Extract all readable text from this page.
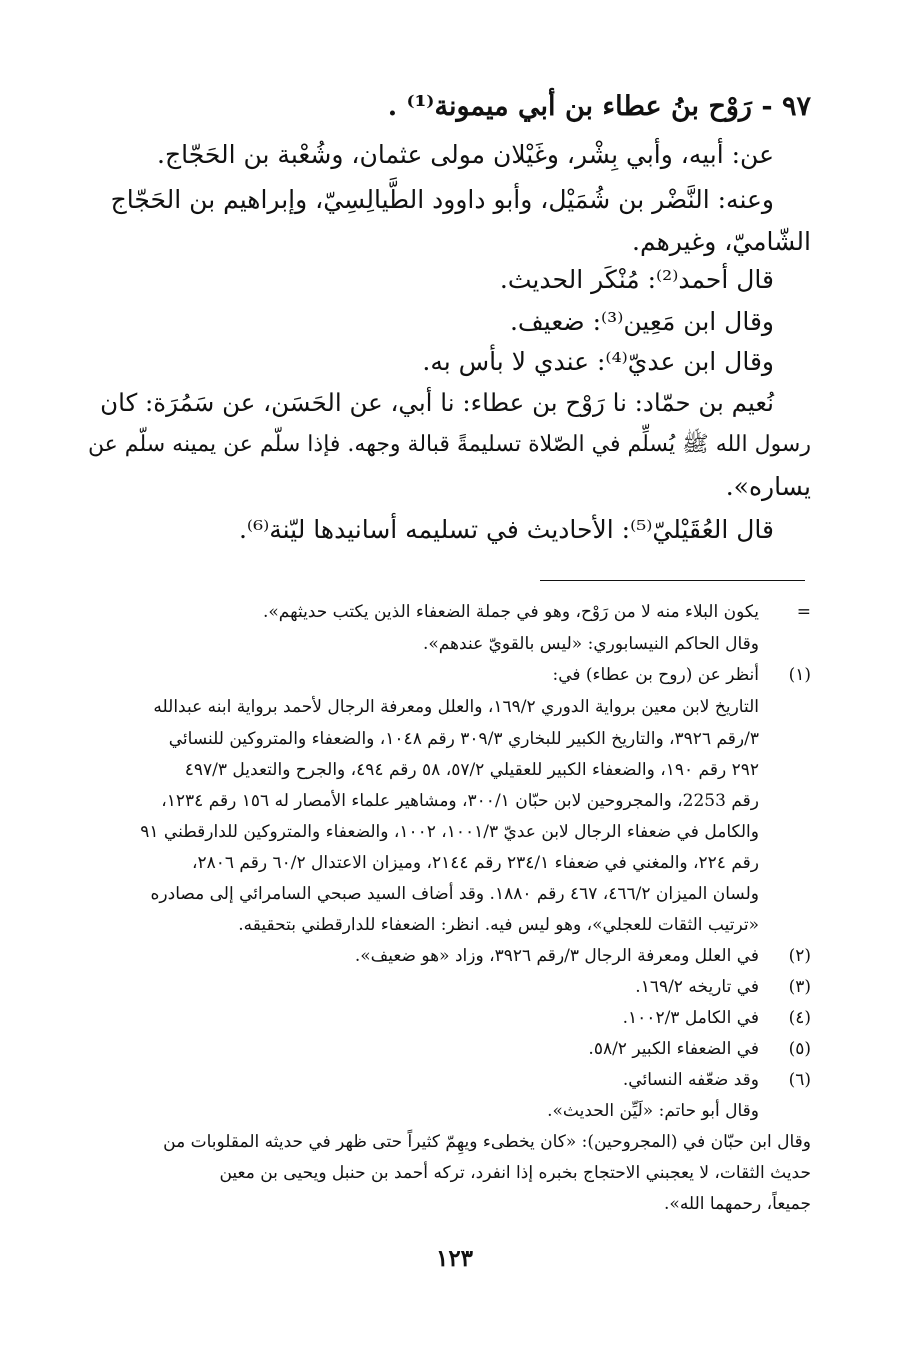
٩٧ - رَوْح بنُ عطاء بن أبي ميمونة⁽¹⁾ .
عن: أبيه، وأبي بِشْر، وغَيْلان مولى عثمان، وشُعْبة بن الحَجّاج.
وعنه: النَّضْر بن شُمَيْل، وأبو داوود الطَّيالِسِيّ، وإبراهيم بن الحَجّاج
الشّاميّ، وغيرهم.
قال أحمد⁽²⁾: مُنْكَر الحديث.
وقال ابن مَعِين⁽³⁾: ضعيف.
وقال ابن عديّ⁽⁴⁾: عندي لا بأس به.
نُعيم بن حمّاد: نا رَوْح بن عطاء: نا أبي، عن الحَسَن، عن سَمُرَة: كان
رسول الله ﷺ يُسلِّم في الصّلاة تسليمةً قبالة وجهه. فإذا سلّم عن يمينه سلّم عن
يساره».
قال العُقَيْليّ⁽⁵⁾: الأحاديث في تسليمه أسانيدها ليّنة⁽⁶⁾.
=
يكون البلاء منه لا من رَوْح، وهو في جملة الضعفاء الذين يكتب حديثهم».
وقال الحاكم النيسابوري: «ليس بالقويّ عندهم».
(١)
أنظر عن (روح بن عطاء) في:
التاريخ لابن معين برواية الدوري ١٦٩/٢، والعلل ومعرفة الرجال لأحمد برواية ابنه عبدالله
٣/رقم ٣٩٢٦، والتاريخ الكبير للبخاري ٣٠٩/٣ رقم ١٠٤٨، والضعفاء والمتروكين للنسائي
٢٩٢ رقم ١٩٠، والضعفاء الكبير للعقيلي ٥٧/٢، ٥٨ رقم ٤٩٤، والجرح والتعديل ٤٩٧/٣
رقم 2253، والمجروحين لابن حبّان ٣٠٠/١، ومشاهير علماء الأمصار له ١٥٦ رقم ١٢٣٤،
والكامل في ضعفاء الرجال لابن عديّ ١٠٠١/٣، ١٠٠٢، والضعفاء والمتروكين للدارقطني ٩١
رقم ٢٢٤، والمغني في ضعفاء ٢٣٤/١ رقم ٢١٤٤، وميزان الاعتدال ٦٠/٢ رقم ٢٨٠٦،
ولسان الميزان ٤٦٦/٢، ٤٦٧ رقم ١٨٨٠. وقد أضاف السيد صبحي السامرائي إلى مصادره
«ترتيب الثقات للعجلي»، وهو ليس فيه. انظر: الضعفاء للدارقطني بتحقيقه.
(٢)
في العلل ومعرفة الرجال ٣/رقم ٣٩٢٦، وزاد «هو ضعيف».
(٣)
في تاريخه ١٦٩/٢.
(٤)
في الكامل ١٠٠٢/٣.
(٥)
في الضعفاء الكبير ٥٨/٢.
(٦)
وقد ضعّفه النسائي.
وقال أبو حاتم: «لَيِّن الحديث».
وقال ابن حبّان في (المجروحين): «كان يخطىء ويهِمّ كثيراً حتى ظهر في حديثه المقلوبات من
حديث الثقات، لا يعجبني الاحتجاج بخبره إذا انفرد، تركه أحمد بن حنبل ويحيى بن معين
جميعاً، رحمهما الله».
١٢٣
